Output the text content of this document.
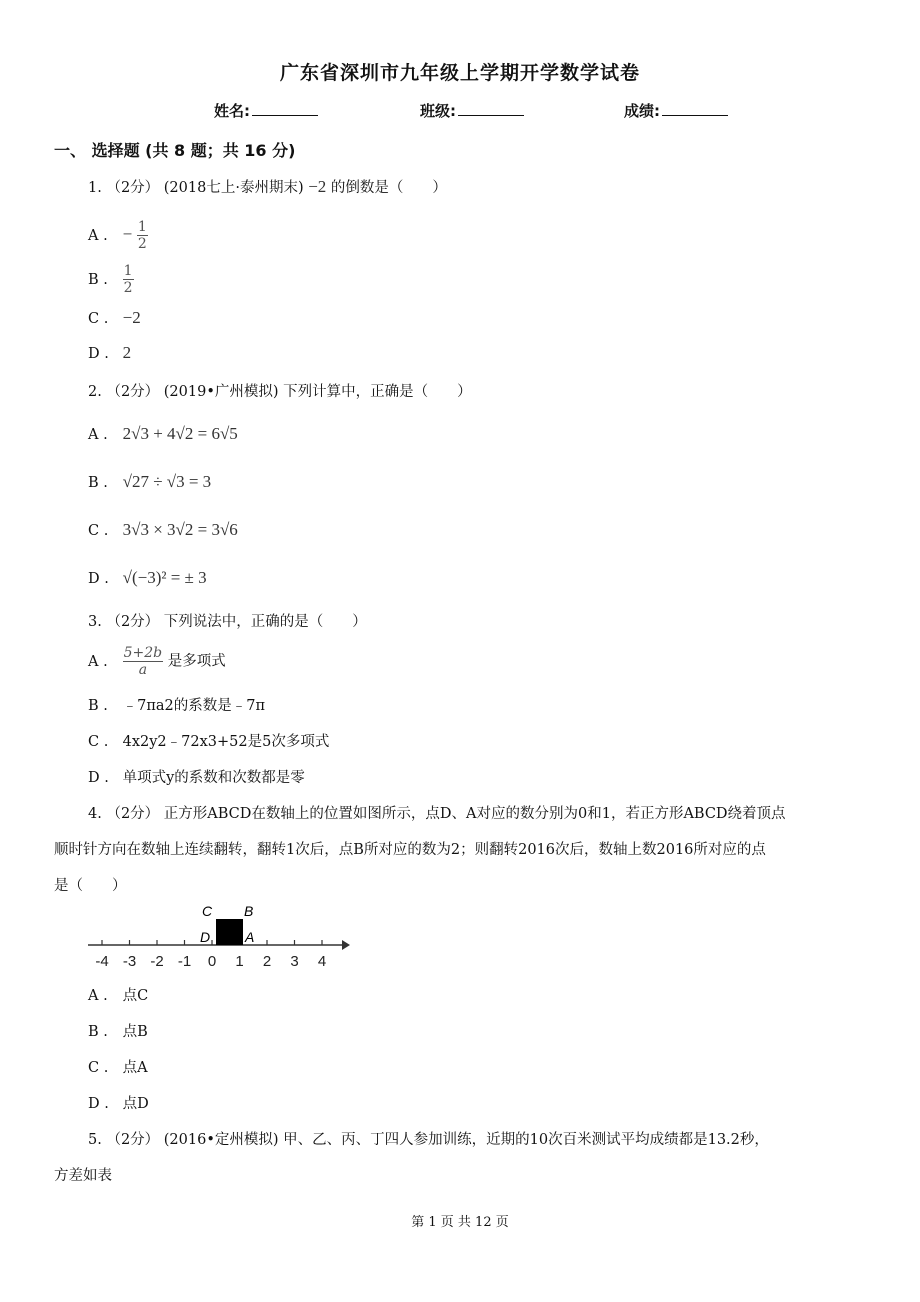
广东省深圳市九年级上学期开学数学试卷
姓名:	班级:	成绩:
一、 选择题 (共 8 题；共 16 分)
1. （2分） (2018七上·泰州期末) −2 的倒数是（　　）
A . − $\frac{1}{2}$
B . $\frac{1}{2}$
C . −2
D . 2
2. （2分） (2019•广州模拟) 下列计算中，正确是（　　）
A . 2√3 + 4√2 = 6√5
B . √27 ÷ √3 = 3
C . 3√3 × 3√2 = 3√6
D . √(−3)² = ± 3
3. （2分） 下列说法中，正确的是（　　）
A . $\frac{5+2b}{a}$ 是多项式
B . ﹣7πa2的系数是﹣7π
C . 4x2y2﹣72x3+52是5次多项式
D . 单项式y的系数和次数都是零
4. （2分） 正方形ABCD在数轴上的位置如图所示，点D、A对应的数分别为0和1，若正方形ABCD绕着顶点
顺时针方向在数轴上连续翻转，翻转1次后，点B所对应的数为2；则翻转2016次后，数轴上数2016所对应的点
是（　　）
-4 -3 -2 -1 0 1 2 3 4
C B
D A
A . 点C
B . 点B
C . 点A
D . 点D
5. （2分） (2016•定州模拟) 甲、乙、丙、丁四人参加训练，近期的10次百米测试平均成绩都是13.2秒，
方差如表
第 1 页 共 12 页
